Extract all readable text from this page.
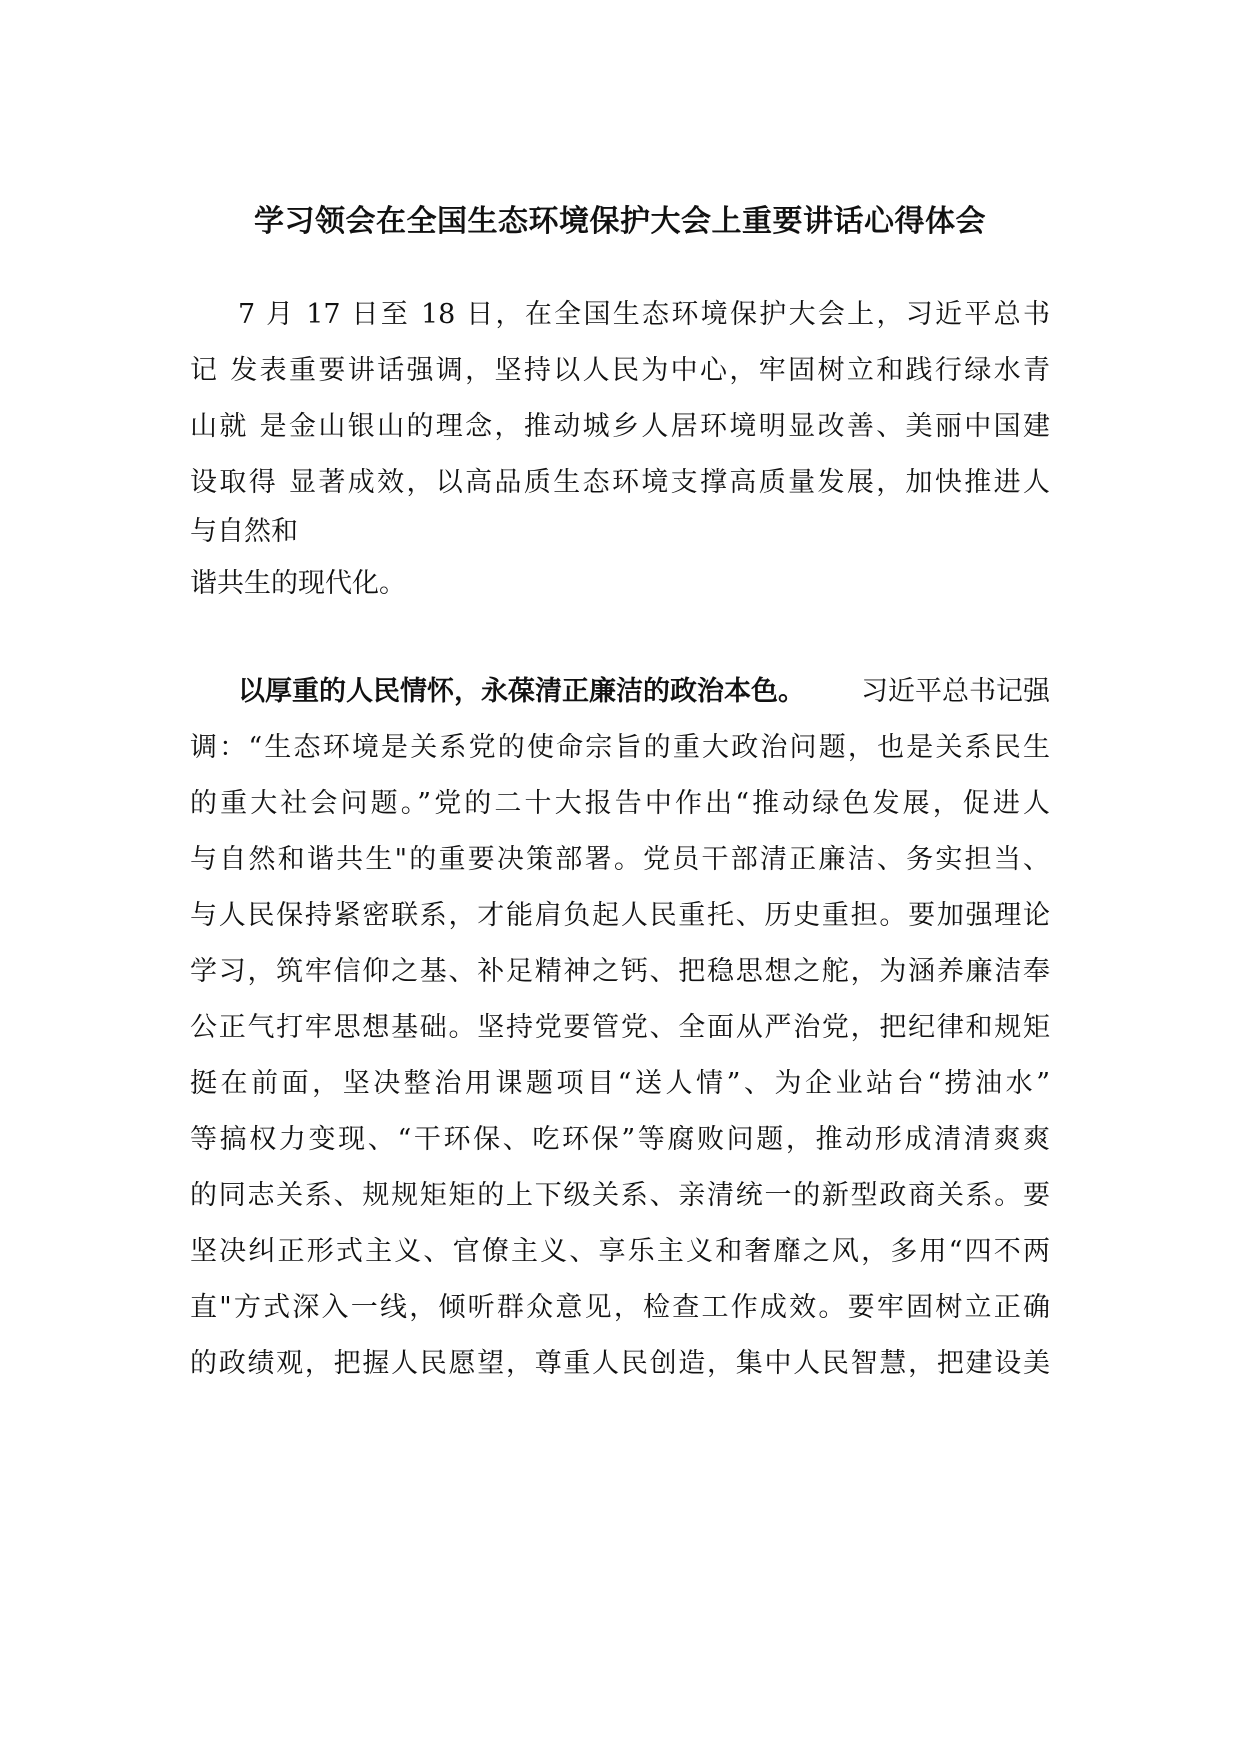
学习领会在全国生态环境保护大会上重要讲话心得体会

7 月 17 日至 18 日，在全国生态环境保护大会上，习近平总书

记 发表重要讲话强调，坚持以人民为中心，牢固树立和践行绿水青

山就 是金山银山的理念，推动城乡人居环境明显改善、美丽中国建

设取得 显著成效，以高品质生态环境支撑高质量发展，加快推进人

与自然和

谐共生的现代化。

以厚重的人民情怀，永葆清正廉洁的政治本色。 习近平总书记强

调：“生态环境是关系党的使命宗旨的重大政治问题，也是关系民生

的重大社会问题。”党的二十大报告中作出“推动绿色发展，促进人

与自然和谐共生"的重要决策部署。党员干部清正廉洁、务实担当、

与人民保持紧密联系，才能肩负起人民重托、历史重担。要加强理论

学习，筑牢信仰之基、补足精神之钙、把稳思想之舵，为涵养廉洁奉

公正气打牢思想基础。坚持党要管党、全面从严治党，把纪律和规矩

挺在前面，坚决整治用课题项目“送人情”、为企业站台“捞油水”

等搞权力变现、“干环保、吃环保”等腐败问题，推动形成清清爽爽

的同志关系、规规矩矩的上下级关系、亲清统一的新型政商关系。要

坚决纠正形式主义、官僚主义、享乐主义和奢靡之风，多用“四不两

直"方式深入一线，倾听群众意见，检查工作成效。要牢固树立正确

的政绩观，把握人民愿望，尊重人民创造，集中人民智慧，把建设美
